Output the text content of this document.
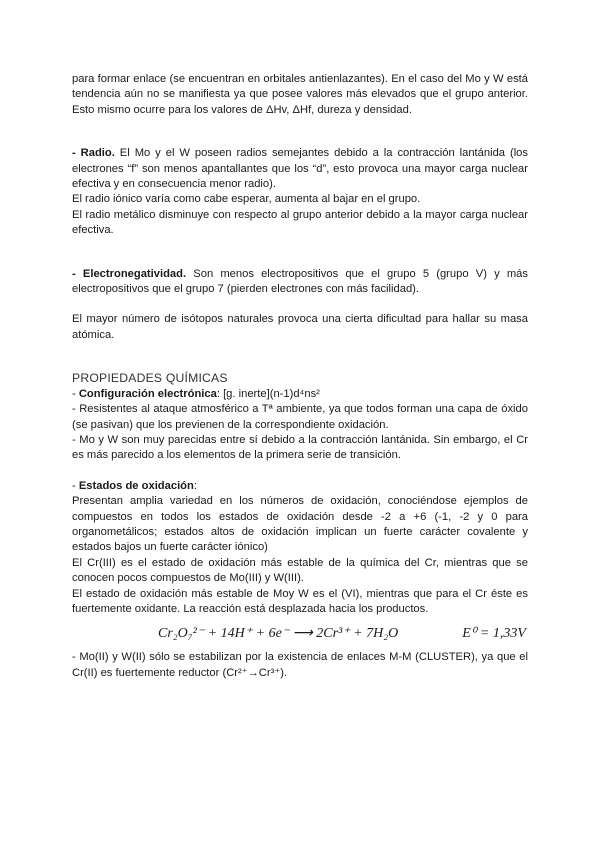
para formar enlace (se encuentran en orbitales antienlazantes). En el caso del Mo y W está tendencia aún no se manifiesta ya que posee valores más elevados que el grupo anterior. Esto mismo ocurre para los valores de ΔHv, ΔHf, dureza y densidad.

- Radio. El Mo y el W poseen radios semejantes debido a la contracción lantánida (los electrones “f” son menos apantallantes que los “d”, esto provoca una mayor carga nuclear efectiva y en consecuencia menor radio).

El radio iónico varía como cabe esperar, aumenta al bajar en el grupo.

El radio metálico disminuye con respecto al grupo anterior debido a la mayor carga nuclear efectiva.

- Electronegatividad. Son menos electropositivos que el grupo 5 (grupo V) y más electropositivos que el grupo 7 (pierden electrones con más facilidad).

El mayor número de isótopos naturales provoca una cierta dificultad para hallar su masa atómica.

PROPIEDADES QUÍMICAS

- Configuración electrónica: [g. inerte](n-1)d⁴ns²

- Resistentes al ataque atmosférico a Tª ambiente, ya que todos forman una capa de óxido (se pasivan) que los previenen de la correspondiente oxidación.

- Mo y W son muy parecidas entre sí debido a la contracción lantánida. Sin embargo, el Cr es más parecido a los elementos de la primera serie de transición.

- Estados de oxidación:

Presentan amplia variedad en los números de oxidación, conociéndose ejemplos de compuestos en todos los estados de oxidación desde -2 a +6 (-1, -2 y 0 para organometálicos; estados altos de oxidación implican un fuerte carácter covalente y estados bajos un fuerte carácter iónico)

El Cr(III) es el estado de oxidación más estable de la química del Cr, mientras que se conocen pocos compuestos de Mo(III) y W(III).

El estado de oxidación más estable de Moy W es el (VI), mientras que para el Cr éste es fuertemente oxidante. La reacción está desplazada hacia los productos.

Cr₂O₇²⁻ + 14H⁺ + 6e⁻ ⟶ 2Cr³⁺ + 7H₂O	E⁰ = 1,33V

- Mo(II) y W(II) sólo se estabilizan por la existencia de enlaces M-M (CLUSTER), ya que el Cr(II) es fuertemente reductor (Cr²⁺→Cr³⁺).
